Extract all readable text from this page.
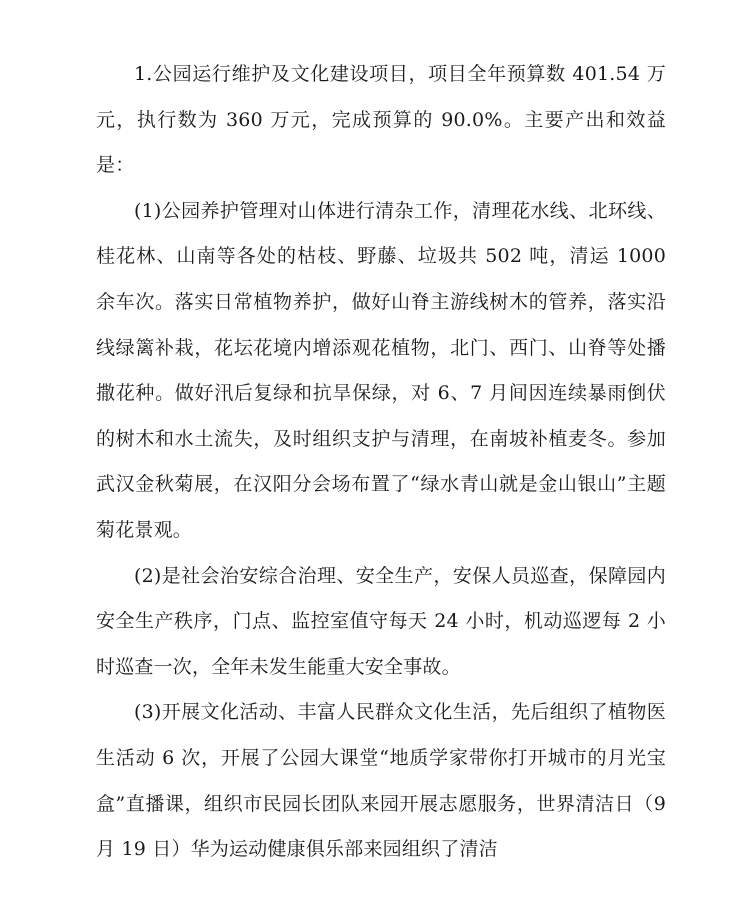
1.公园运行维护及文化建设项目，项目全年预算数 401.54 万元，执行数为 360 万元，完成预算的 90.0%。主要产出和效益是：

(1)公园养护管理对山体进行清杂工作，清理花水线、北环线、桂花林、山南等各处的枯枝、野藤、垃圾共 502 吨，清运 1000 余车次。落实日常植物养护，做好山脊主游线树木的管养，落实沿线绿篱补栽，花坛花境内增添观花植物，北门、西门、山脊等处播撒花种。做好汛后复绿和抗旱保绿，对 6、7 月间因连续暴雨倒伏的树木和水土流失，及时组织支护与清理，在南坡补植麦冬。参加武汉金秋菊展，在汉阳分会场布置了“绿水青山就是金山银山”主题菊花景观。

(2)是社会治安综合治理、安全生产，安保人员巡查，保障园内安全生产秩序，门点、监控室值守每天 24 小时，机动巡逻每 2 小时巡查一次，全年未发生能重大安全事故。

(3)开展文化活动、丰富人民群众文化生活，先后组织了植物医生活动 6 次，开展了公园大课堂“地质学家带你打开城市的月光宝盒”直播课，组织市民园长团队来园开展志愿服务，世界清洁日（9 月 19 日）华为运动健康俱乐部来园组织了清洁
